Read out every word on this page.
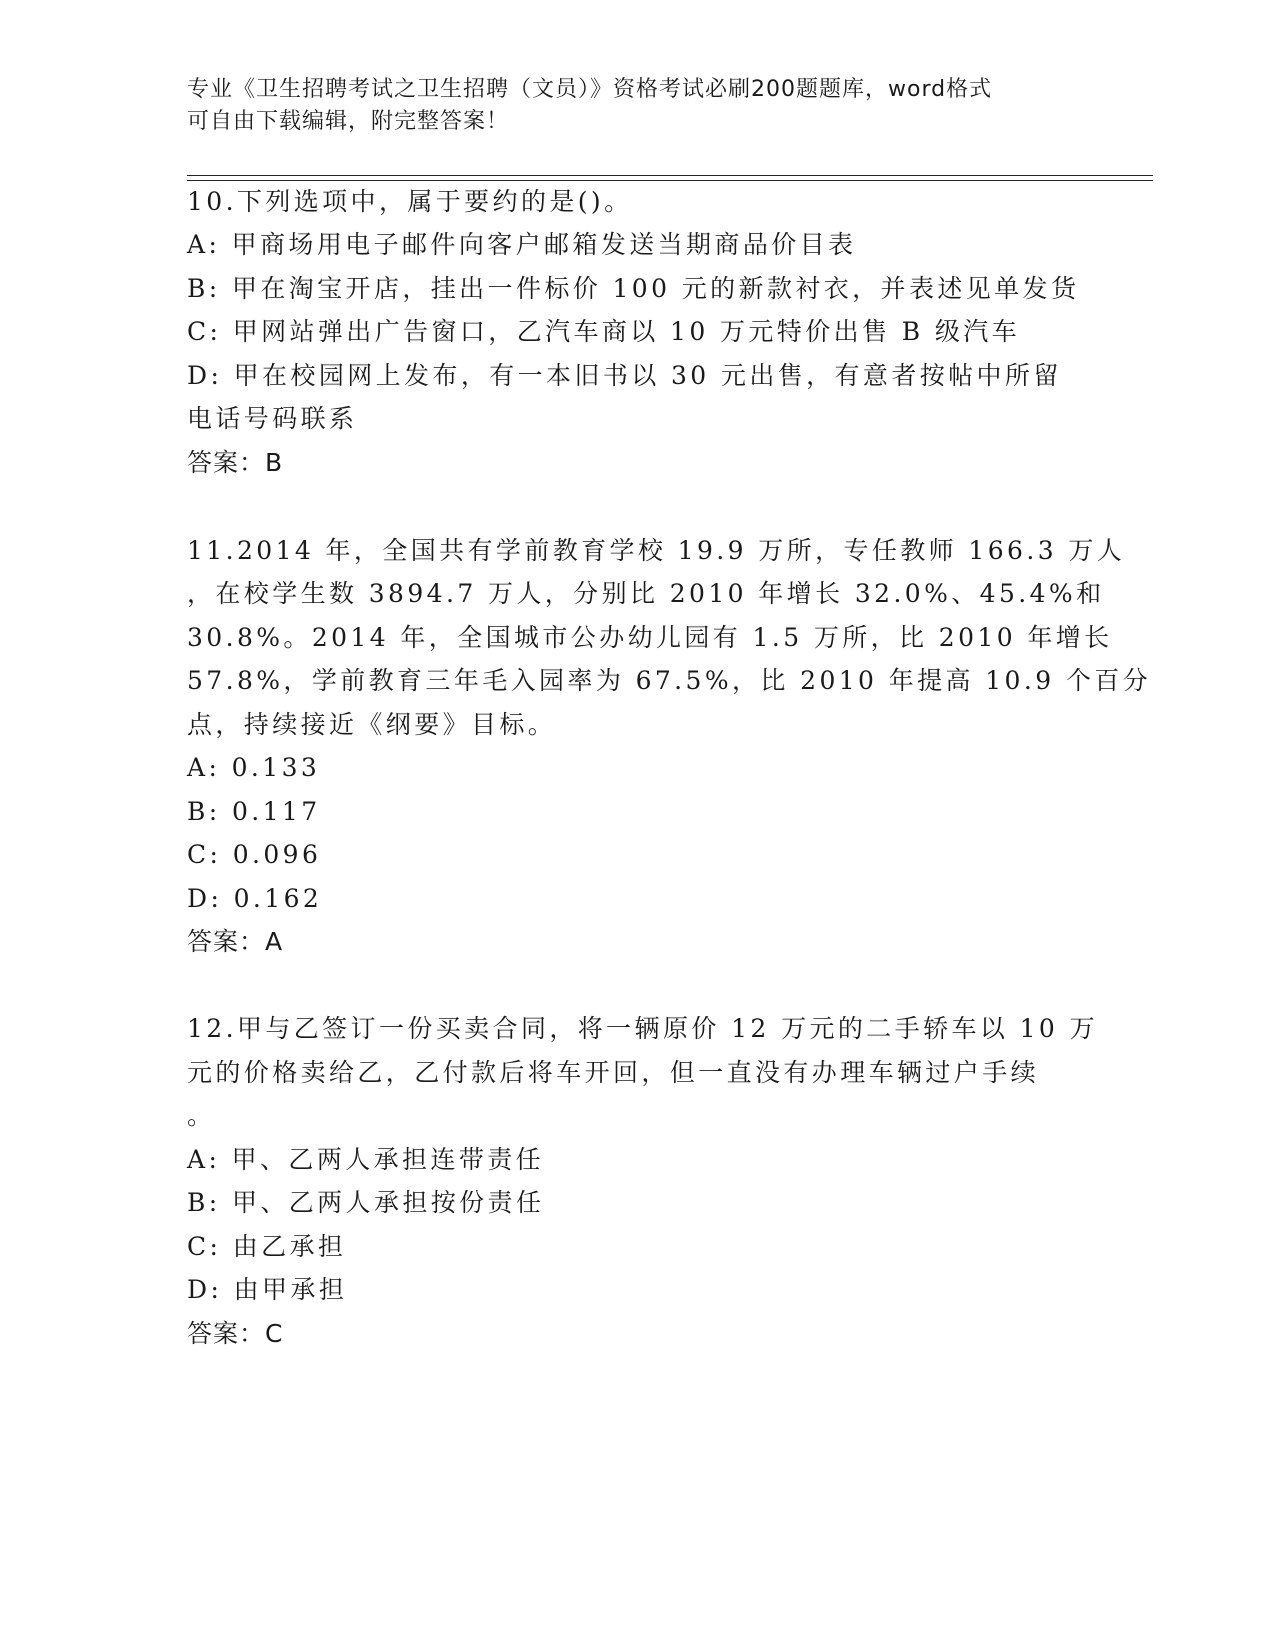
专业《卫生招聘考试之卫生招聘（文员）》资格考试必刷200题题库，word格式
可自由下载编辑，附完整答案！
10.下列选项中，属于要约的是()。
A: 甲商场用电子邮件向客户邮箱发送当期商品价目表
B: 甲在淘宝开店，挂出一件标价 100 元的新款衬衣，并表述见单发货
C: 甲网站弹出广告窗口，乙汽车商以 10 万元特价出售 B 级汽车
D: 甲在校园网上发布，有一本旧书以 30 元出售，有意者按帖中所留
电话号码联系
答案：B
11.2014 年，全国共有学前教育学校 19.9 万所，专任教师 166.3 万人
，在校学生数 3894.7 万人，分别比 2010 年增长 32.0%、45.4%和
30.8%。2014 年，全国城市公办幼儿园有 1.5 万所，比 2010 年增长
57.8%，学前教育三年毛入园率为 67.5%，比 2010 年提高 10.9 个百分
点，持续接近《纲要》目标。
A: 0.133
B: 0.117
C: 0.096
D: 0.162
答案：A
12.甲与乙签订一份买卖合同，将一辆原价 12 万元的二手轿车以 10 万
元的价格卖给乙，乙付款后将车开回，但一直没有办理车辆过户手续
。
A: 甲、乙两人承担连带责任
B: 甲、乙两人承担按份责任
C: 由乙承担
D: 由甲承担
答案：C
